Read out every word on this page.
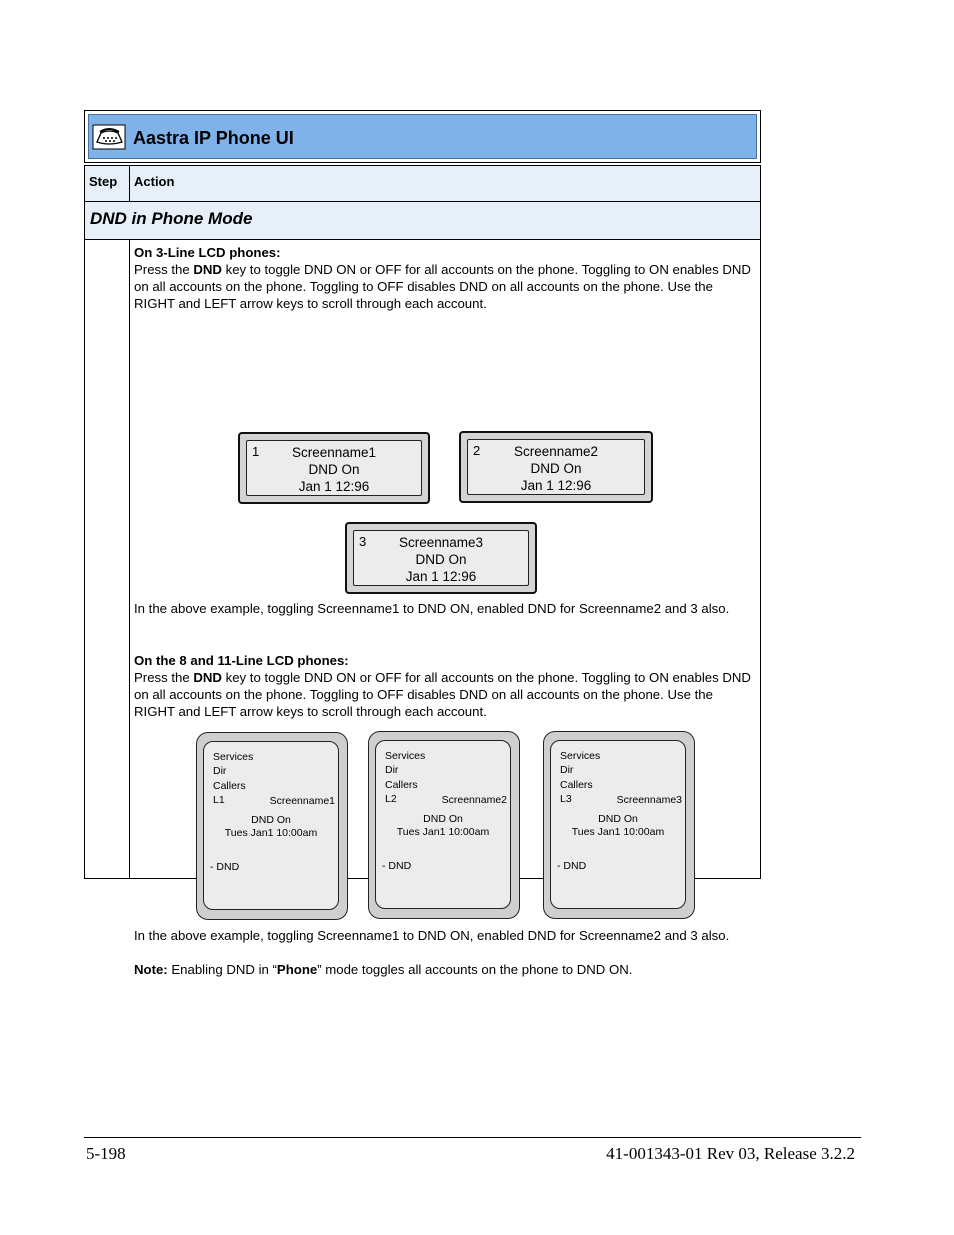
Aastra IP Phone UI
Step Action
DND in Phone Mode
On 3-Line LCD phones:
Press the DND key to toggle DND ON or OFF for all accounts on the phone. Toggling to ON enables DND on all accounts on the phone. Toggling to OFF disables DND on all accounts on the phone. Use the RIGHT and LEFT arrow keys to scroll through each account.
1	Screenname1
DND On
Jan 1 12:96
2	Screenname2
DND On
Jan 1 12:96
3	Screenname3
DND On
Jan 1 12:96
In the above example, toggling Screenname1 to DND ON, enabled DND for Screenname2 and 3 also.
On the 8 and 11-Line LCD phones:
Press the DND key to toggle DND ON or OFF for all accounts on the phone. Toggling to ON enables DND on all accounts on the phone. Toggling to OFF disables DND on all accounts on the phone. Use the RIGHT and LEFT arrow keys to scroll through each account.
Services
Dir
Callers
L1	Screenname1
DND On
Tues Jan1 10:00am
- DND
Services
Dir
Callers
L2	Screenname2
DND On
Tues Jan1 10:00am
- DND
Services
Dir
Callers
L3	Screenname3
DND On
Tues Jan1 10:00am
- DND
In the above example, toggling Screenname1 to DND ON, enabled DND for Screenname2 and 3 also.
Note: Enabling DND in “Phone” mode toggles all accounts on the phone to DND ON.
5-198	41-001343-01 Rev 03, Release 3.2.2
